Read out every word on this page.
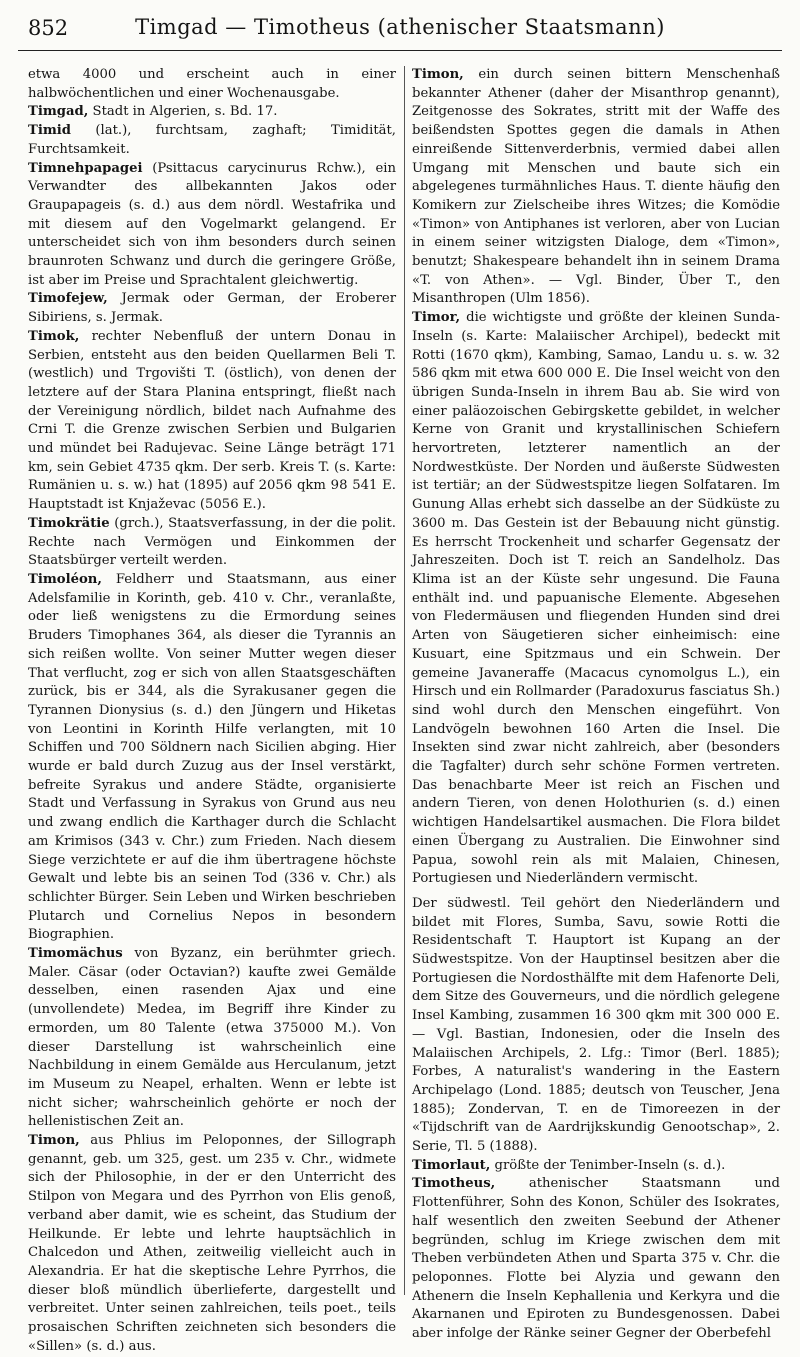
852	Timgad — Timotheus (athenischer Staatsmann)

etwa 4000 und erscheint auch in einer halbwöchentlichen und einer Wochenausgabe.

Timgad, Stadt in Algerien, s. Bd. 17.

Timid (lat.), furchtsam, zaghaft; Timidität, Furchtsamkeit.

Timnehpapagei (Psittacus carycinurus Rchw.), ein Verwandter des allbekannten Jakos oder Graupapageis (s. d.) aus dem nördl. Westafrika und mit diesem auf den Vogelmarkt gelangend. Er unterscheidet sich von ihm besonders durch seinen braunroten Schwanz und durch die geringere Größe, ist aber im Preise und Sprachtalent gleichwertig.

Timofejew, Jermak oder German, der Eroberer Sibiriens, s. Jermak.

Timok, rechter Nebenfluß der untern Donau in Serbien, entsteht aus den beiden Quellarmen Beli T. (westlich) und Trgovišti T. (östlich), von denen der letztere auf der Stara Planina entspringt, fließt nach der Vereinigung nördlich, bildet nach Aufnahme des Crni T. die Grenze zwischen Serbien und Bulgarien und mündet bei Radujevac. Seine Länge beträgt 171 km, sein Gebiet 4735 qkm. Der serb. Kreis T. (s. Karte: Rumänien u. s. w.) hat (1895) auf 2056 qkm 98 541 E. Hauptstadt ist Knjaževac (5056 E.).

Timokrätie (grch.), Staatsverfassung, in der die polit. Rechte nach Vermögen und Einkommen der Staatsbürger verteilt werden.

Timoléon, Feldherr und Staatsmann, aus einer Adelsfamilie in Korinth, geb. 410 v. Chr., veranlaßte, oder ließ wenigstens zu die Ermordung seines Bruders Timophanes 364, als dieser die Tyrannis an sich reißen wollte. Von seiner Mutter wegen dieser That verflucht, zog er sich von allen Staatsgeschäften zurück, bis er 344, als die Syrakusaner gegen die Tyrannen Dionysius (s. d.) den Jüngern und Hiketas von Leontini in Korinth Hilfe verlangten, mit 10 Schiffen und 700 Söldnern nach Sicilien abging. Hier wurde er bald durch Zuzug aus der Insel verstärkt, befreite Syrakus und andere Städte, organisierte Stadt und Verfassung in Syrakus von Grund aus neu und zwang endlich die Karthager durch die Schlacht am Krimisos (343 v. Chr.) zum Frieden. Nach diesem Siege verzichtete er auf die ihm übertragene höchste Gewalt und lebte bis an seinen Tod (336 v. Chr.) als schlichter Bürger. Sein Leben und Wirken beschrieben Plutarch und Cornelius Nepos in besondern Biographien.

Timomächus von Byzanz, ein berühmter griech. Maler. Cäsar (oder Octavian?) kaufte zwei Gemälde desselben, einen rasenden Ajax und eine (unvollendete) Medea, im Begriff ihre Kinder zu ermorden, um 80 Talente (etwa 375000 M.). Von dieser Darstellung ist wahrscheinlich eine Nachbildung in einem Gemälde aus Herculanum, jetzt im Museum zu Neapel, erhalten. Wenn er lebte ist nicht sicher; wahrscheinlich gehörte er noch der hellenistischen Zeit an.

Timon, aus Phlius im Peloponnes, der Sillograph genannt, geb. um 325, gest. um 235 v. Chr., widmete sich der Philosophie, in der er den Unterricht des Stilpon von Megara und des Pyrrhon von Elis genoß, verband aber damit, wie es scheint, das Studium der Heilkunde. Er lebte und lehrte hauptsächlich in Chalcedon und Athen, zeitweilig vielleicht auch in Alexandria. Er hat die skeptische Lehre Pyrrhos, die dieser bloß mündlich überlieferte, dargestellt und verbreitet. Unter seinen zahlreichen, teils poet., teils prosaischen Schriften zeichneten sich besonders die «Sillen» (s. d.) aus.

Timon, ein durch seinen bittern Menschenhaß bekannter Athener (daher der Misanthrop genannt), Zeitgenosse des Sokrates, stritt mit der Waffe des beißendsten Spottes gegen die damals in Athen einreißende Sittenverderbnis, vermied dabei allen Umgang mit Menschen und baute sich ein abgelegenes turmähnliches Haus. T. diente häufig den Komikern zur Zielscheibe ihres Witzes; die Komödie «Timon» von Antiphanes ist verloren, aber von Lucian in einem seiner witzigsten Dialoge, dem «Timon», benutzt; Shakespeare behandelt ihn in seinem Drama «T. von Athen». — Vgl. Binder, Über T., den Misanthropen (Ulm 1856).

Timor, die wichtigste und größte der kleinen Sunda-Inseln (s. Karte: Malaiischer Archipel), bedeckt mit Rotti (1670 qkm), Kambing, Samao, Landu u. s. w. 32 586 qkm mit etwa 600 000 E. Die Insel weicht von den übrigen Sunda-Inseln in ihrem Bau ab. Sie wird von einer paläozoischen Gebirgskette gebildet, in welcher Kerne von Granit und krystallinischen Schiefern hervortreten, letzterer namentlich an der Nordwestküste. Der Norden und äußerste Südwesten ist tertiär; an der Südwestspitze liegen Solfataren. Im Gunung Allas erhebt sich dasselbe an der Südküste zu 3600 m. Das Gestein ist der Bebauung nicht günstig. Es herrscht Trockenheit und scharfer Gegensatz der Jahreszeiten. Doch ist T. reich an Sandelholz. Das Klima ist an der Küste sehr ungesund. Die Fauna enthält ind. und papuanische Elemente. Abgesehen von Fledermäusen und fliegenden Hunden sind drei Arten von Säugetieren sicher einheimisch: eine Kusuart, eine Spitzmaus und ein Schwein. Der gemeine Javaneraffe (Macacus cynomolgus L.), ein Hirsch und ein Rollmarder (Paradoxurus fasciatus Sh.) sind wohl durch den Menschen eingeführt. Von Landvögeln bewohnen 160 Arten die Insel. Die Insekten sind zwar nicht zahlreich, aber (besonders die Tagfalter) durch sehr schöne Formen vertreten. Das benachbarte Meer ist reich an Fischen und andern Tieren, von denen Holothurien (s. d.) einen wichtigen Handelsartikel ausmachen. Die Flora bildet einen Übergang zu Australien. Die Einwohner sind Papua, sowohl rein als mit Malaien, Chinesen, Portugiesen und Niederländern vermischt.

Der südwestl. Teil gehört den Niederländern und bildet mit Flores, Sumba, Savu, sowie Rotti die Residentschaft T. Hauptort ist Kupang an der Südwestspitze. Von der Hauptinsel besitzen aber die Portugiesen die Nordosthälfte mit dem Hafenorte Deli, dem Sitze des Gouverneurs, und die nördlich gelegene Insel Kambing, zusammen 16 300 qkm mit 300 000 E. — Vgl. Bastian, Indonesien, oder die Inseln des Malaiischen Archipels, 2. Lfg.: Timor (Berl. 1885); Forbes, A naturalist's wandering in the Eastern Archipelago (Lond. 1885; deutsch von Teuscher, Jena 1885); Zondervan, T. en de Timoreezen in der «Tijdschrift van de Aardrijkskundig Genootschap», 2. Serie, Tl. 5 (1888).

Timorlaut, größte der Tenimber-Inseln (s. d.).

Timotheus, athenischer Staatsmann und Flottenführer, Sohn des Konon, Schüler des Isokrates, half wesentlich den zweiten Seebund der Athener begründen, schlug im Kriege zwischen dem mit Theben verbündeten Athen und Sparta 375 v. Chr. die peloponnes. Flotte bei Alyzia und gewann den Athenern die Inseln Kephallenia und Kerkyra und die Akarnanen und Epiroten zu Bundesgenossen. Dabei aber infolge der Ränke seiner Gegner der Oberbefehl
